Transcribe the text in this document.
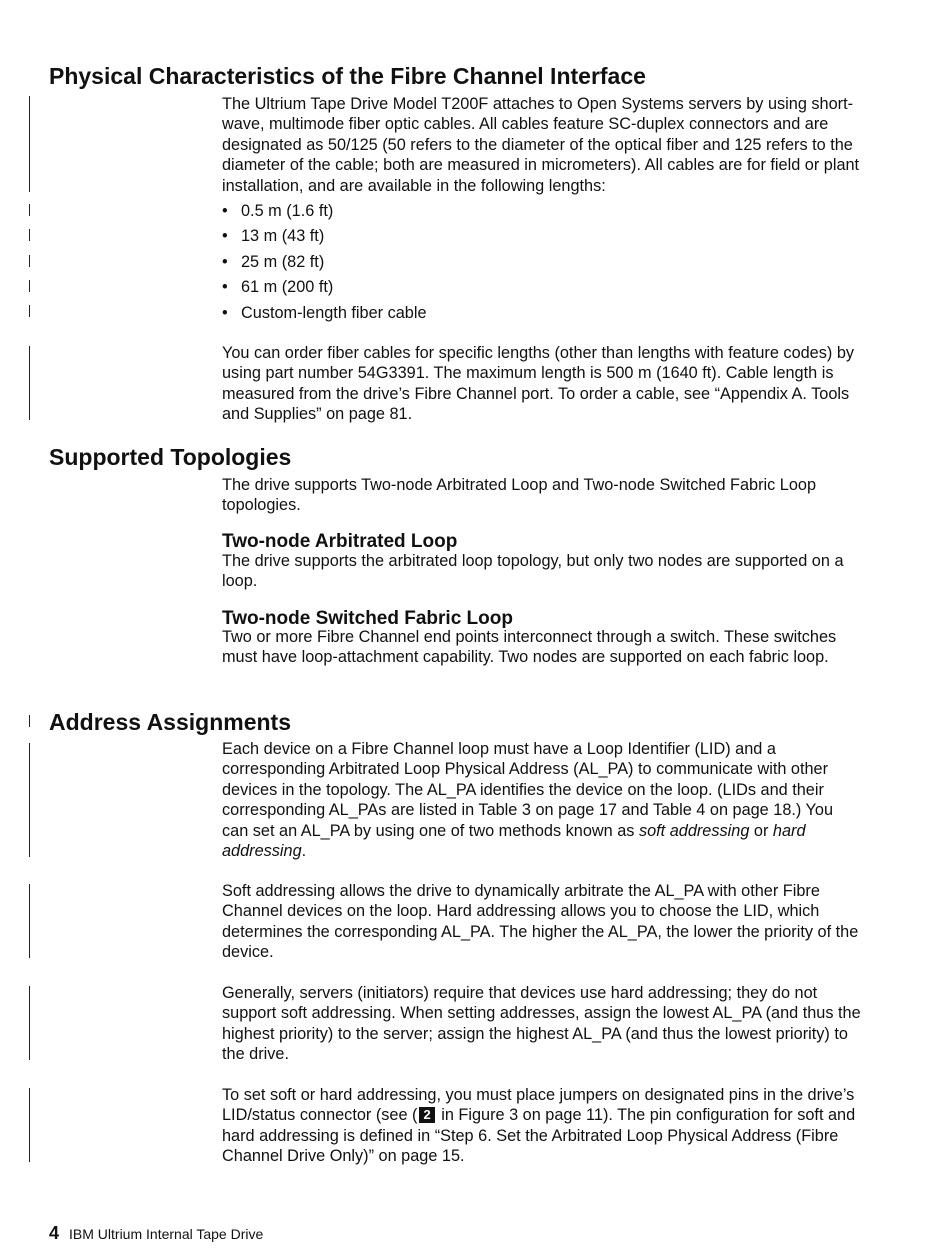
Physical Characteristics of the Fibre Channel Interface

The Ultrium Tape Drive Model T200F attaches to Open Systems servers by using short-wave, multimode fiber optic cables. All cables feature SC-duplex connectors and are designated as 50/125 (50 refers to the diameter of the optical fiber and 125 refers to the diameter of the cable; both are measured in micrometers). All cables are for field or plant installation, and are available in the following lengths:

• 0.5 m (1.6 ft)
• 13 m (43 ft)
• 25 m (82 ft)
• 61 m (200 ft)
• Custom-length fiber cable

You can order fiber cables for specific lengths (other than lengths with feature codes) by using part number 54G3391. The maximum length is 500 m (1640 ft). Cable length is measured from the drive’s Fibre Channel port. To order a cable, see “Appendix A. Tools and Supplies” on page 81.

Supported Topologies

The drive supports Two-node Arbitrated Loop and Two-node Switched Fabric Loop topologies.

Two-node Arbitrated Loop

The drive supports the arbitrated loop topology, but only two nodes are supported on a loop.

Two-node Switched Fabric Loop

Two or more Fibre Channel end points interconnect through a switch. These switches must have loop-attachment capability. Two nodes are supported on each fabric loop.

Address Assignments

Each device on a Fibre Channel loop must have a Loop Identifier (LID) and a corresponding Arbitrated Loop Physical Address (AL_PA) to communicate with other devices in the topology. The AL_PA identifies the device on the loop. (LIDs and their corresponding AL_PAs are listed in Table 3 on page 17 and Table 4 on page 18.) You can set an AL_PA by using one of two methods known as soft addressing or hard addressing.

Soft addressing allows the drive to dynamically arbitrate the AL_PA with other Fibre Channel devices on the loop. Hard addressing allows you to choose the LID, which determines the corresponding AL_PA. The higher the AL_PA, the lower the priority of the device.

Generally, servers (initiators) require that devices use hard addressing; they do not support soft addressing. When setting addresses, assign the lowest AL_PA (and thus the highest priority) to the server; assign the highest AL_PA (and thus the lowest priority) to the drive.

To set soft or hard addressing, you must place jumpers on designated pins in the drive’s LID/status connector (see ( 2 in Figure 3 on page 11). The pin configuration for soft and hard addressing is defined in “Step 6. Set the Arbitrated Loop Physical Address (Fibre Channel Drive Only)” on page 15.

4 IBM Ultrium Internal Tape Drive
